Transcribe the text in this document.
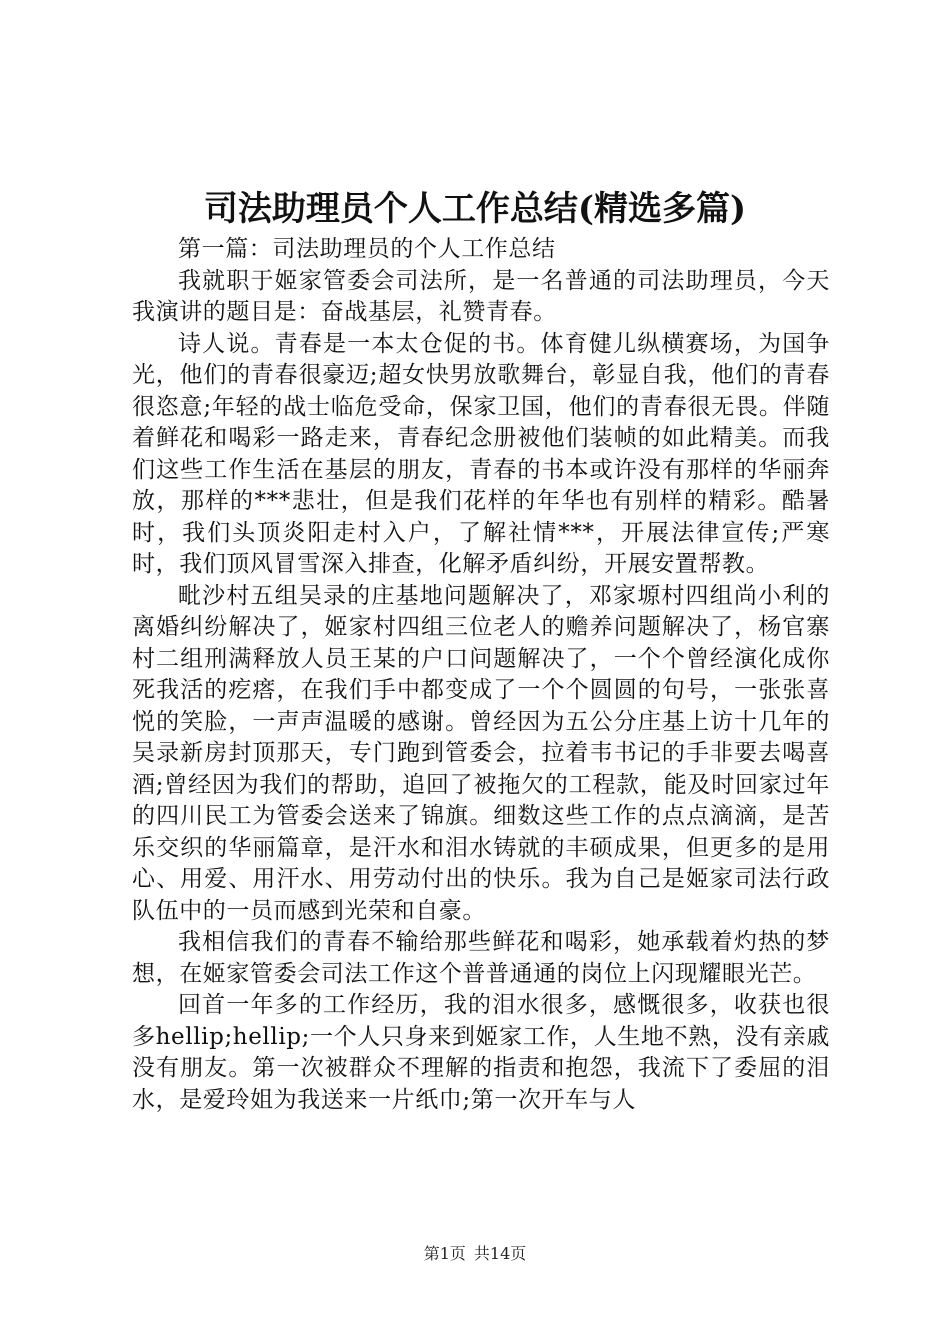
司法助理员个人工作总结(精选多篇)

第一篇：司法助理员的个人工作总结

我就职于姬家管委会司法所，是一名普通的司法助理员，今天我演讲的题目是：奋战基层，礼赞青春。

诗人说。青春是一本太仓促的书。体育健儿纵横赛场，为国争光，他们的青春很豪迈;超女快男放歌舞台，彰显自我，他们的青春很恣意;年轻的战士临危受命，保家卫国，他们的青春很无畏。伴随着鲜花和喝彩一路走来，青春纪念册被他们装帧的如此精美。而我们这些工作生活在基层的朋友，青春的书本或许没有那样的华丽奔放，那样的***悲壮，但是我们花样的年华也有别样的精彩。酷暑时，我们头顶炎阳走村入户，了解社情***，开展法律宣传;严寒时，我们顶风冒雪深入排查，化解矛盾纠纷，开展安置帮教。

毗沙村五组吴录的庄基地问题解决了，邓家塬村四组尚小利的离婚纠纷解决了，姬家村四组三位老人的赡养问题解决了，杨官寨村二组刑满释放人员王某的户口问题解决了，一个个曾经演化成你死我活的疙瘩，在我们手中都变成了一个个圆圆的句号，一张张喜悦的笑脸，一声声温暖的感谢。曾经因为五公分庄基上访十几年的吴录新房封顶那天，专门跑到管委会，拉着韦书记的手非要去喝喜酒;曾经因为我们的帮助，追回了被拖欠的工程款，能及时回家过年的四川民工为管委会送来了锦旗。细数这些工作的点点滴滴，是苦乐交织的华丽篇章，是汗水和泪水铸就的丰硕成果，但更多的是用心、用爱、用汗水、用劳动付出的快乐。我为自己是姬家司法行政队伍中的一员而感到光荣和自豪。

我相信我们的青春不输给那些鲜花和喝彩，她承载着灼热的梦想，在姬家管委会司法工作这个普普通通的岗位上闪现耀眼光芒。

回首一年多的工作经历，我的泪水很多，感慨很多，收获也很多hellip;hellip;一个人只身来到姬家工作，人生地不熟，没有亲戚没有朋友。第一次被群众不理解的指责和抱怨，我流下了委屈的泪水，是爱玲姐为我送来一片纸巾;第一次开车与人

第1页 共14页
